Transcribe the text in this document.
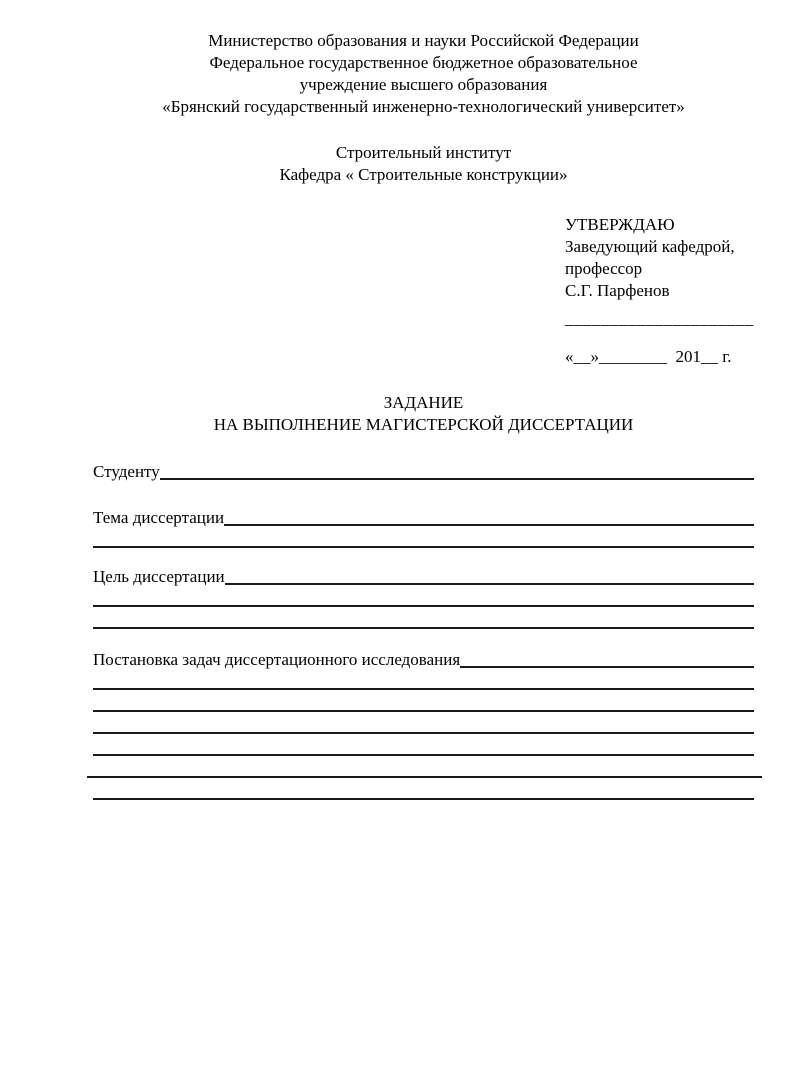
Министерство образования и науки Российской Федерации
Федеральное государственное бюджетное образовательное
учреждение высшего образования
«Брянский государственный инженерно-технологический университет»
Строительный институт
Кафедра « Строительные конструкции»
УТВЕРЖДАЮ
Заведующий кафедрой,
профессор
С.Г. Парфенов
_____________________
«__»________  201__ г.
ЗАДАНИЕ
НА ВЫПОЛНЕНИЕ МАГИСТЕРСКОЙ ДИССЕРТАЦИИ
Студенту
Тема диссертации
Цель диссертации
Постановка задач диссертационного исследования
